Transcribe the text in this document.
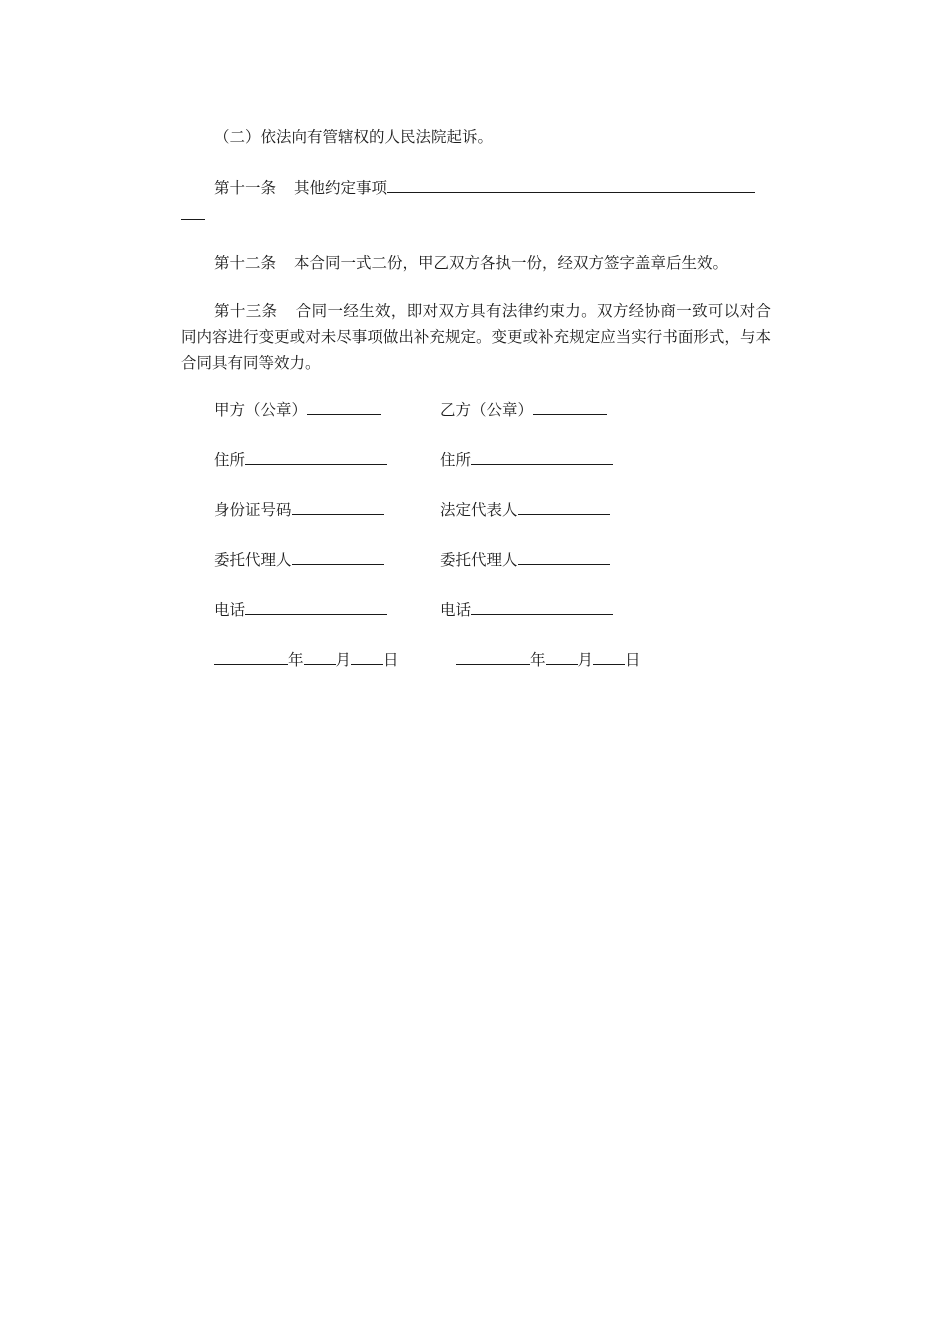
（二）依法向有管辖权的人民法院起诉。
第十一条 其他约定事项
第十二条 本合同一式二份，甲乙双方各执一份，经双方签字盖章后生效。
第十三条 合同一经生效，即对双方具有法律约束力。双方经协商一致可以对合同内容进行变更或对未尽事项做出补充规定。变更或补充规定应当实行书面形式，与本合同具有同等效力。
甲方（公章）
住所
身份证号码
委托代理人
电话
年 月 日
乙方（公章）
住所
法定代表人
委托代理人
电话
年 月 日
